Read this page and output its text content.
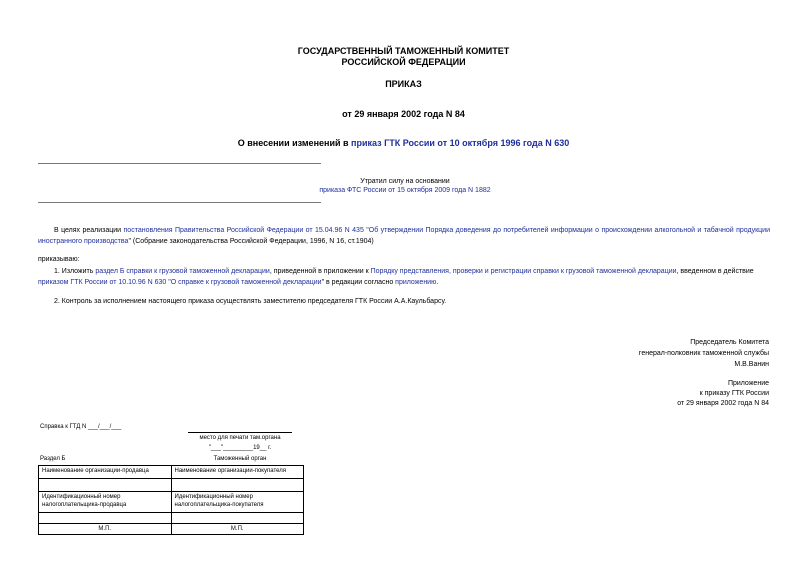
ГОСУДАРСТВЕННЫЙ ТАМОЖЕННЫЙ КОМИТЕТ
РОССИЙСКОЙ ФЕДЕРАЦИИ
ПРИКАЗ
от 29 января 2002 года N 84
О внесении изменений в приказ ГТК России от 10 октября 1996 года N 630
Утратил силу на основании
приказа ФТС России от 15 октября 2009 года N 1882
В целях реализации постановления Правительства Российской Федерации от 15.04.96 N 435 "Об утверждении Порядка доведения до потребителей информации о происхождении алкогольной и табачной продукции иностранного производства" (Собрание законодательства Российской Федерации, 1996, N 16, ст.1904)
приказываю:
1. Изложить раздел Б справки к грузовой таможенной декларации, приведенной в приложении к Порядку представления, проверки и регистрации справки к грузовой таможенной декларации, введенном в действие приказом ГТК России от 10.10.96 N 630 "О справке к грузовой таможенной декларации" в редакции согласно приложению.
2. Контроль за исполнением настоящего приказа осуществлять заместителю председателя ГТК России А.А.Каульбарсу.
Председатель Комитета
генерал-полковник таможенной службы
М.В.Ванин
Приложение
к приказу ГТК России
от 29 января 2002 года N 84
Справка к ГТД N ___/___/___
место для печати там.органа
"___"_________19__ г.
Раздел Б	Таможенный орган
Наименование организации-продавца	Наименование организации-покупателя

Идентификационный номер налогоплательщика-продавца	Идентификационный номер налогоплательщика-покупателя

М.П.	М.П.
